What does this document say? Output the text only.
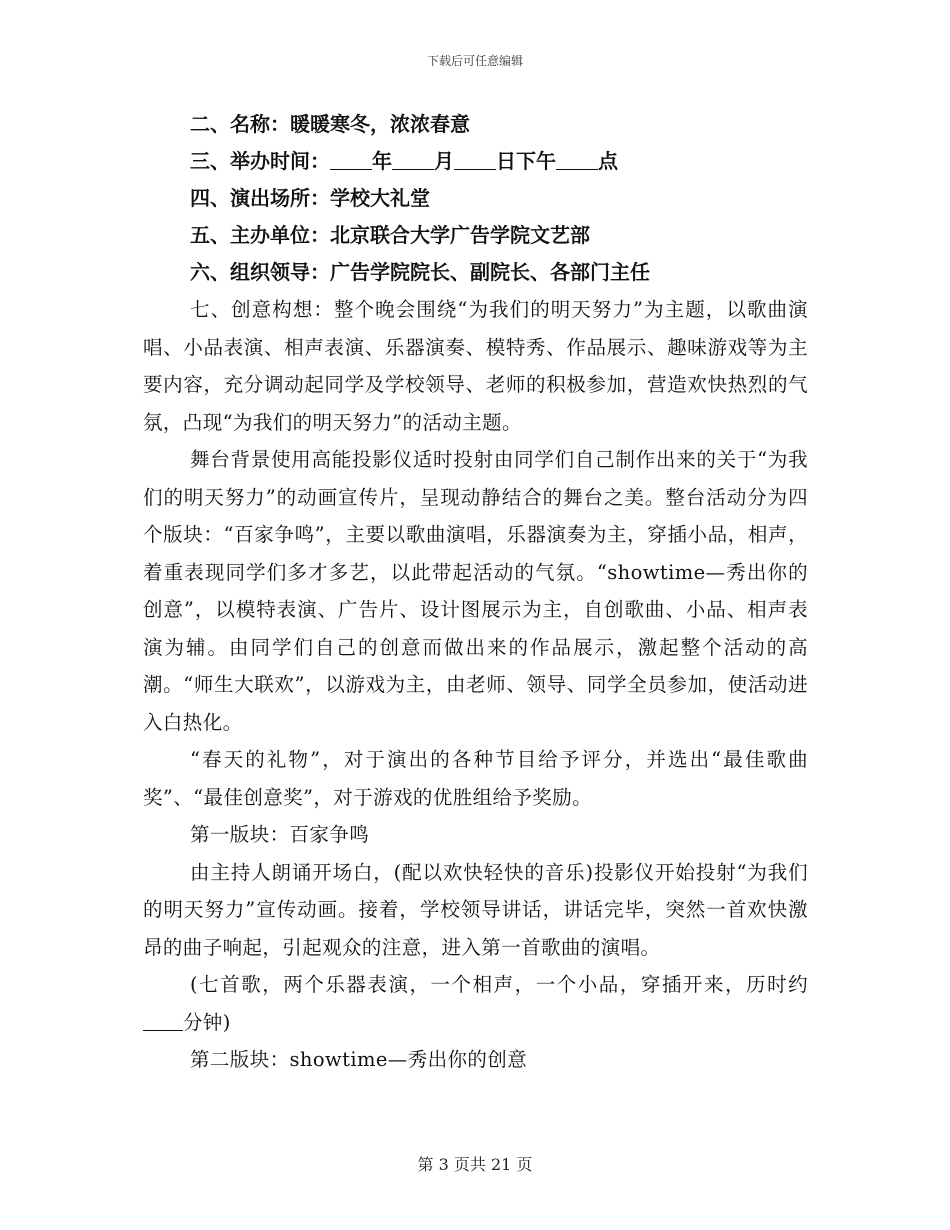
下载后可任意编辑

二、名称：暖暖寒冬，浓浓春意

三、举办时间： 年 月 日下午 点

四、演出场所：学校大礼堂

五、主办单位：北京联合大学广告学院文艺部

六、组织领导：广告学院院长、副院长、各部门主任

七、创意构想：整个晚会围绕“为我们的明天努力”为主题，以歌曲演唱、小品表演、相声表演、乐器演奏、模特秀、作品展示、趣味游戏等为主要内容，充分调动起同学及学校领导、老师的积极参加，营造欢快热烈的气氛，凸现“为我们的明天努力”的活动主题。

舞台背景使用高能投影仪适时投射由同学们自己制作出来的关于“为我们的明天努力”的动画宣传片，呈现动静结合的舞台之美。整台活动分为四个版块：“百家争鸣”，主要以歌曲演唱，乐器演奏为主，穿插小品，相声，着重表现同学们多才多艺，以此带起活动的气氛。“showtime—秀出你的创意”，以模特表演、广告片、设计图展示为主，自创歌曲、小品、相声表演为辅。由同学们自己的创意而做出来的作品展示，激起整个活动的高潮。“师生大联欢”，以游戏为主，由老师、领导、同学全员参加，使活动进入白热化。

“春天的礼物”，对于演出的各种节目给予评分，并选出“最佳歌曲奖”、“最佳创意奖”，对于游戏的优胜组给予奖励。

第一版块：百家争鸣

由主持人朗诵开场白，(配以欢快轻快的音乐)投影仪开始投射“为我们的明天努力”宣传动画。接着，学校领导讲话，讲话完毕，突然一首欢快激昂的曲子响起，引起观众的注意，进入第一首歌曲的演唱。

(七首歌，两个乐器表演，一个相声，一个小品，穿插开来，历时约分钟)

第二版块：showtime—秀出你的创意

第 3 页共 21 页
